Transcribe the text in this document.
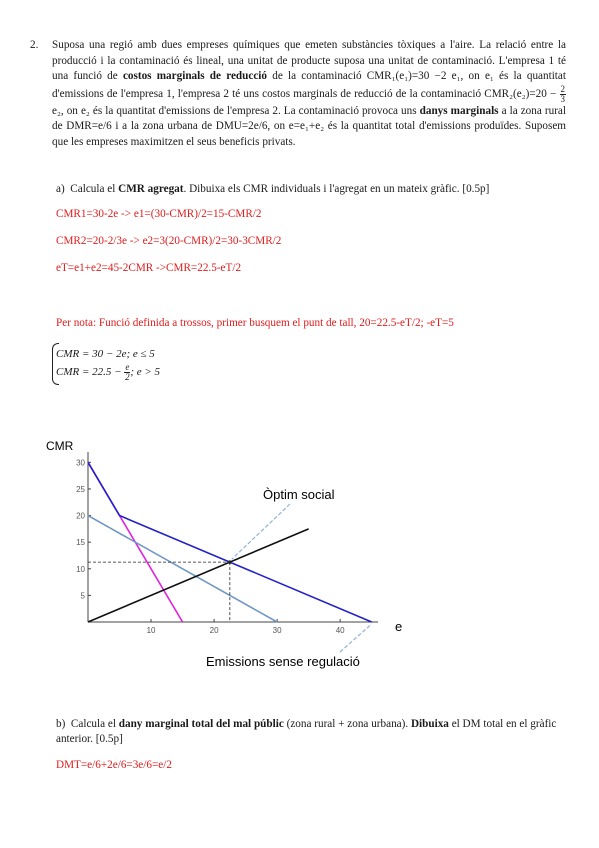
2. Suposa una regió amb dues empreses químiques que emeten substàncies tòxiques a l'aire. La relació entre la producció i la contaminació és lineal, una unitat de producte suposa una unitat de contaminació. L'empresa 1 té una funció de costos marginals de reducció de la contaminació CMR₁(e₁)=30 −2 e₁, on e₁ és la quantitat d'emissions de l'empresa 1, l'empresa 2 té uns costos marginals de reducció de la contaminació $CMR_2(e_2)=20 - \frac{2}{3}$
e₂, on e₂ és la quantitat d'emissions de l'empresa 2. La contaminació provoca uns danys marginals a la zona rural de DMR=e/6 i a la zona urbana de DMU=2e/6, on e=e₁+e₂ és la quantitat total d'emissions produïdes. Suposem que les empreses maximitzen el seus beneficis privats.
a) Calcula el CMR agregat. Dibuixa els CMR individuals i l'agregat en un mateix gràfic. [0.5p]
CMR1=30-2e -> e1=(30-CMR)/2=15-CMR/2
CMR2=20-2/3e -> e2=3(20-CMR)/2=30-3CMR/2
eT=e1+e2=45-2CMR ->CMR=22.5-eT/2
Per nota: Funció definida a trossos, primer busquem el punt de tall, 20=22.5-eT/2; -eT=5
CMR = 30 − 2e; e ≤ 5
CMR = $22.5 - \frac{e}{2}$ ; e > 5
CMR
e
10	20	30	40
5
10
15
20
25
30
Òptim social
Emissions sense regulació
b) Calcula el dany marginal total del mal públic (zona rural + zona urbana). Dibuixa el DM total en el gràfic anterior. [0.5p]
DMT=e/6+2e/6=3e/6=e/2
